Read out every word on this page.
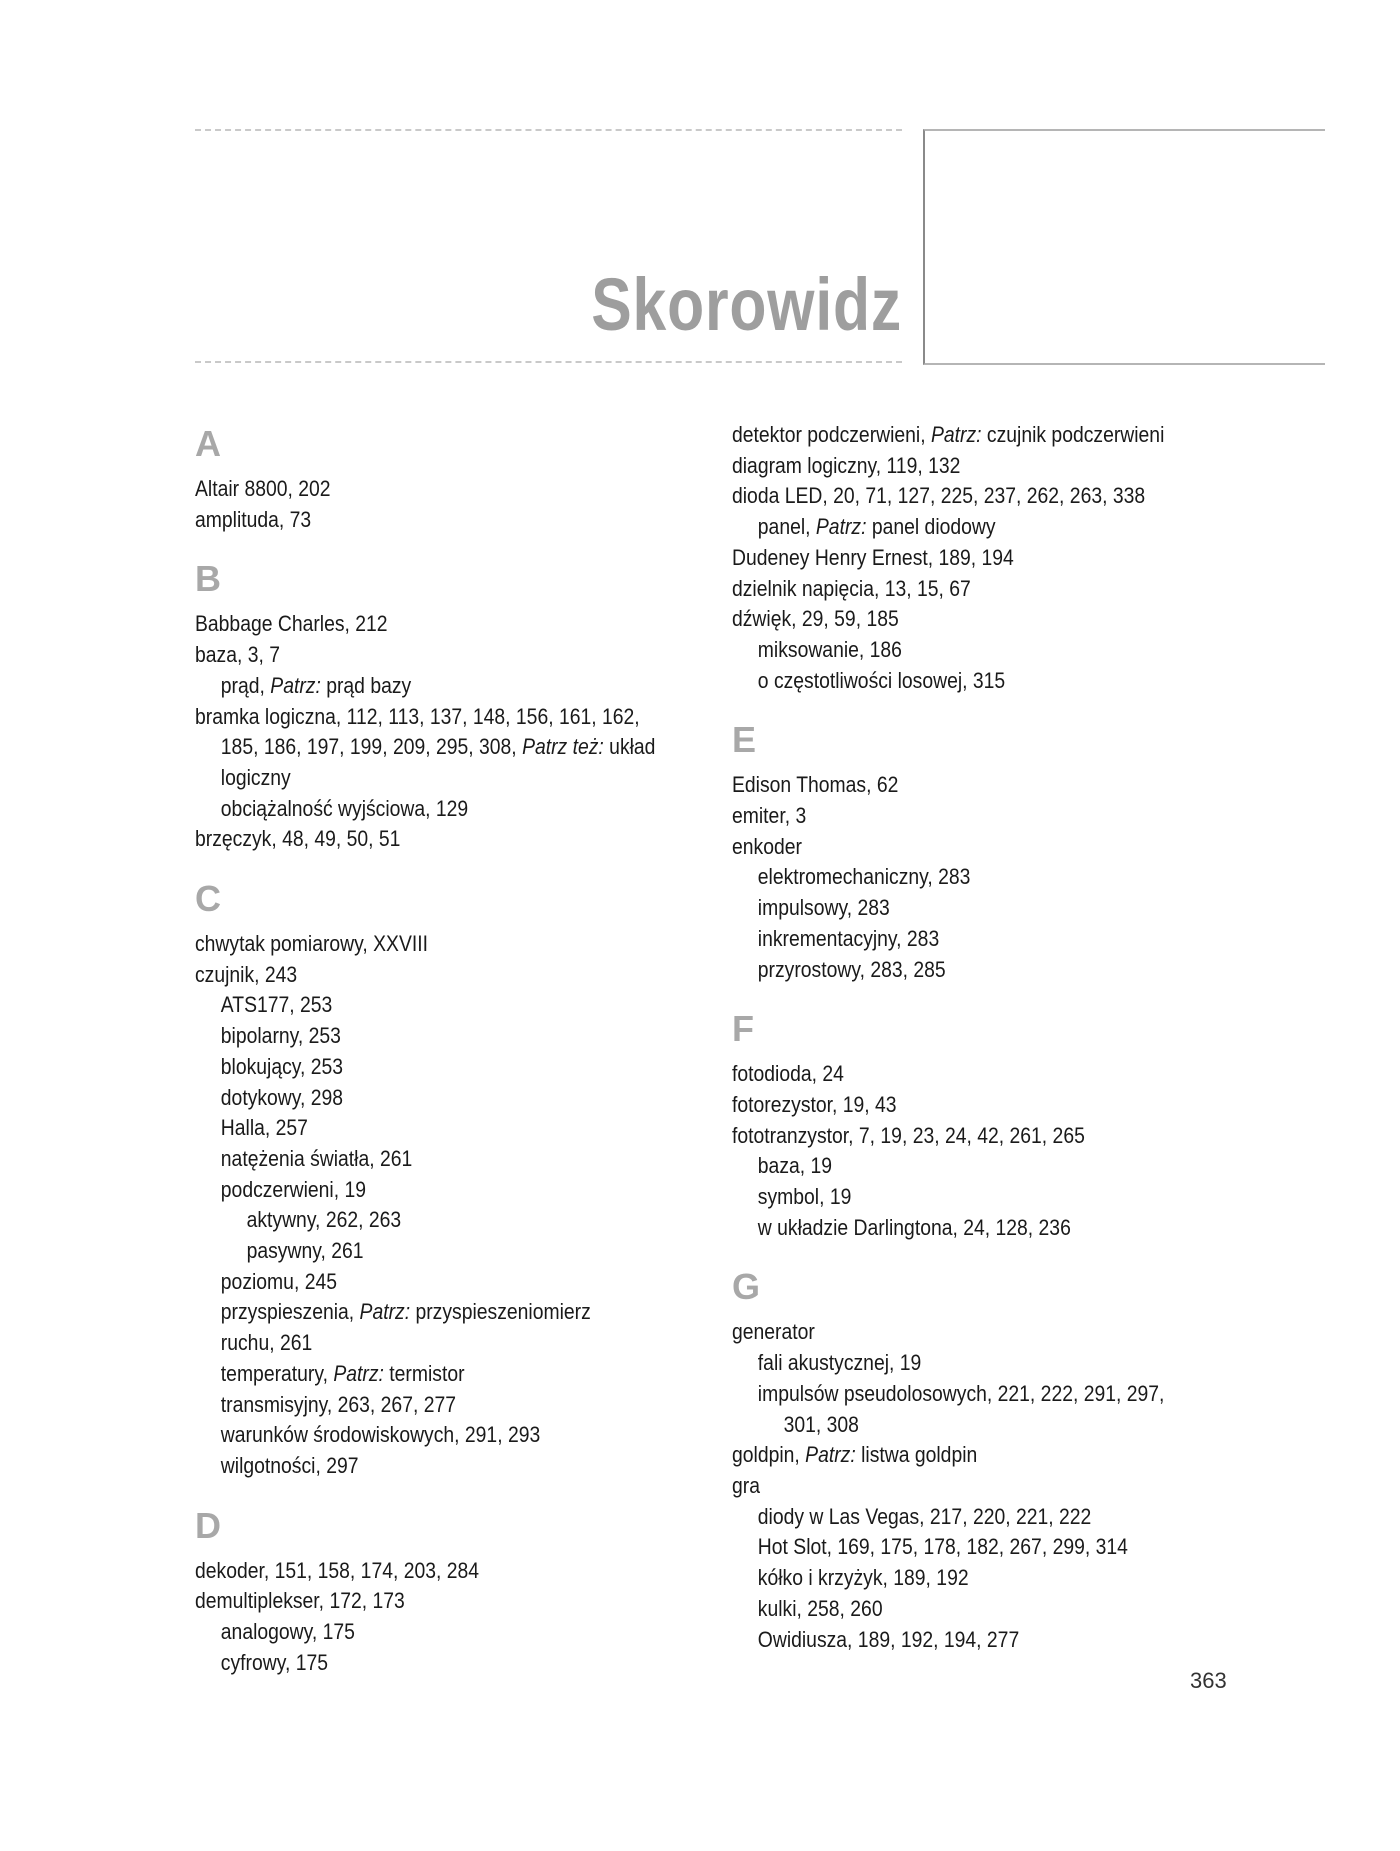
Skorowidz
A
Altair 8800, 202
amplituda, 73
B
Babbage Charles, 212
baza, 3, 7
prąd, Patrz: prąd bazy
bramka logiczna, 112, 113, 137, 148, 156, 161, 162,
185, 186, 197, 199, 209, 295, 308, Patrz też: układ
logiczny
obciążalność wyjściowa, 129
brzęczyk, 48, 49, 50, 51
C
chwytak pomiarowy, XXVIII
czujnik, 243
ATS177, 253
bipolarny, 253
blokujący, 253
dotykowy, 298
Halla, 257
natężenia światła, 261
podczerwieni, 19
aktywny, 262, 263
pasywny, 261
poziomu, 245
przyspieszenia, Patrz: przyspieszeniomierz
ruchu, 261
temperatury, Patrz: termistor
transmisyjny, 263, 267, 277
warunków środowiskowych, 291, 293
wilgotności, 297
D
dekoder, 151, 158, 174, 203, 284
demultiplekser, 172, 173
analogowy, 175
cyfrowy, 175
detektor podczerwieni, Patrz: czujnik podczerwieni
diagram logiczny, 119, 132
dioda LED, 20, 71, 127, 225, 237, 262, 263, 338
panel, Patrz: panel diodowy
Dudeney Henry Ernest, 189, 194
dzielnik napięcia, 13, 15, 67
dźwięk, 29, 59, 185
miksowanie, 186
o częstotliwości losowej, 315
E
Edison Thomas, 62
emiter, 3
enkoder
elektromechaniczny, 283
impulsowy, 283
inkrementacyjny, 283
przyrostowy, 283, 285
F
fotodioda, 24
fotorezystor, 19, 43
fototranzystor, 7, 19, 23, 24, 42, 261, 265
baza, 19
symbol, 19
w układzie Darlingtona, 24, 128, 236
G
generator
fali akustycznej, 19
impulsów pseudolosowych, 221, 222, 291, 297,
301, 308
goldpin, Patrz: listwa goldpin
gra
diody w Las Vegas, 217, 220, 221, 222
Hot Slot, 169, 175, 178, 182, 267, 299, 314
kółko i krzyżyk, 189, 192
kulki, 258, 260
Owidiusza, 189, 192, 194, 277
363
